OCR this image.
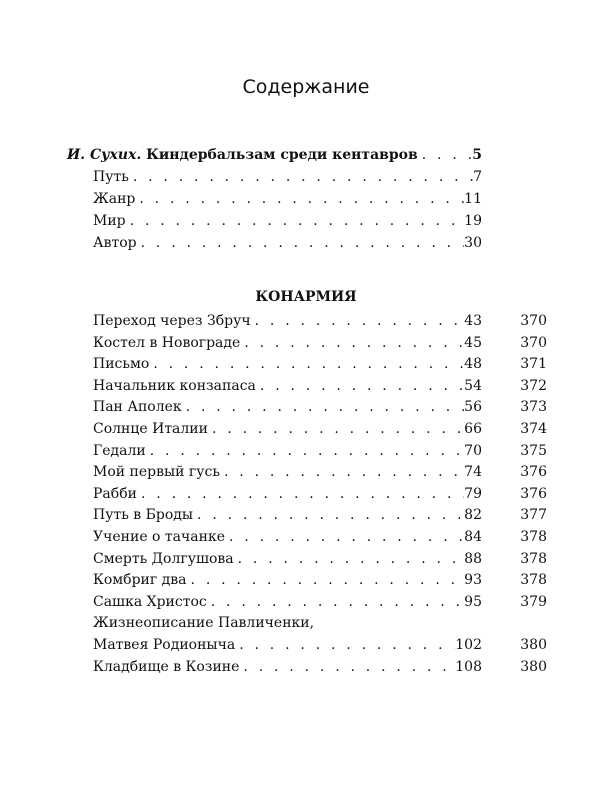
Содержание
И. Сухих. Киндербальзам среди кентавров . . .	5
Путь . . .	7
Жанр . . .	11
Мир . . .	19
Автор . . .	30
КОНАРМИЯ
Переход через Збруч . . .	43	370
Костел в Новограде . . .	45	370
Письмо . . .	48	371
Начальник конзапаса . . .	54	372
Пан Аполек . . .	56	373
Солнце Италии . . .	66	374
Гедали . . .	70	375
Мой первый гусь . . .	74	376
Рабби . . .	79	376
Путь в Броды . . .	82	377
Учение о тачанке . . .	84	378
Смерть Долгушова . . .	88	378
Комбриг два . . .	93	378
Сашка Христос . . .	95	379
Жизнеописание Павличенки,
Матвея Родионыча . . .	102	380
Кладбище в Козине . . .	108	380
